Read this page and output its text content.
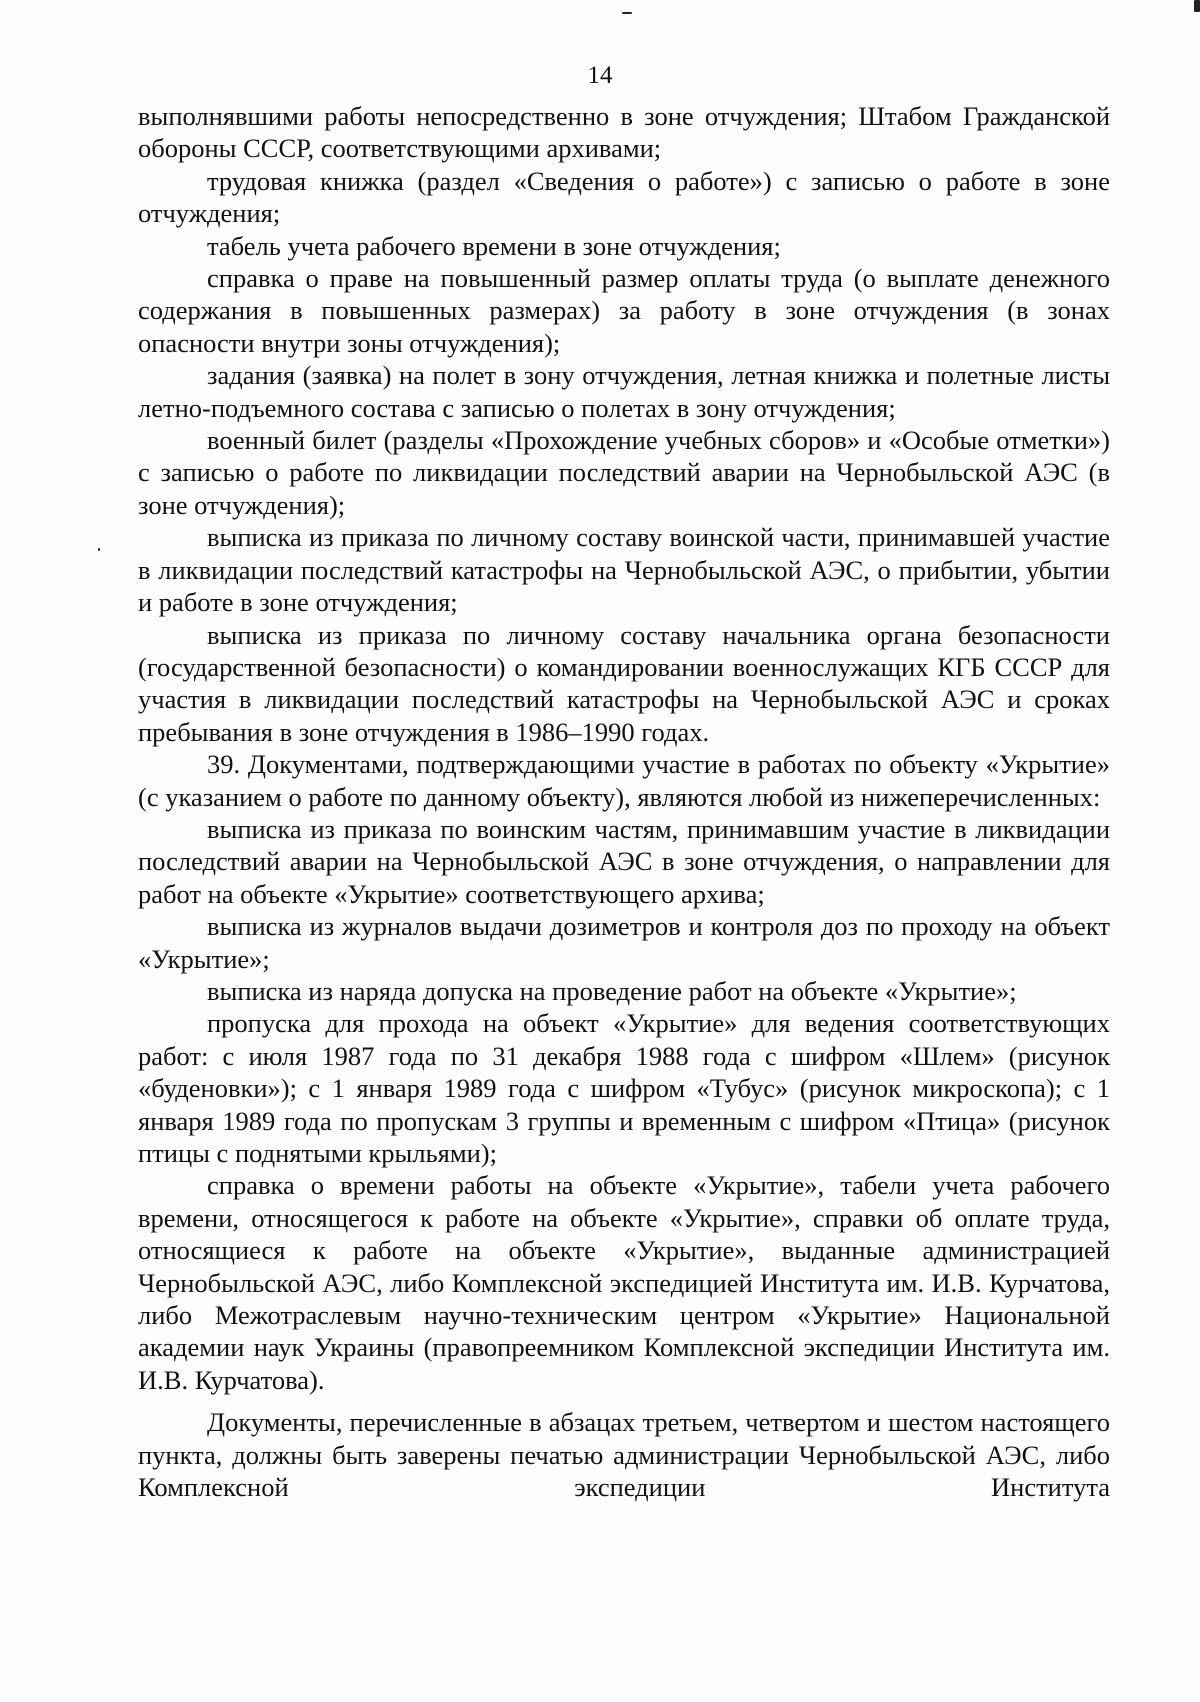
14

выполнявшими работы непосредственно в зоне отчуждения; Штабом Гражданской обороны СССР, соответствующими архивами;

трудовая книжка (раздел «Сведения о работе») с записью о работе в зоне отчуждения;

табель учета рабочего времени в зоне отчуждения;

справка о праве на повышенный размер оплаты труда (о выплате денежного содержания в повышенных размерах) за работу в зоне отчуждения (в зонах опасности внутри зоны отчуждения);

задания (заявка) на полет в зону отчуждения, летная книжка и полетные листы летно-подъемного состава с записью о полетах в зону отчуждения;

военный билет (разделы «Прохождение учебных сборов» и «Особые отметки») с записью о работе по ликвидации последствий аварии на Чернобыльской АЭС (в зоне отчуждения);

выписка из приказа по личному составу воинской части, принимавшей участие в ликвидации последствий катастрофы на Чернобыльской АЭС, о прибытии, убытии и работе в зоне отчуждения;

выписка из приказа по личному составу начальника органа безопасности (государственной безопасности) о командировании военнослужащих КГБ СССР для участия в ликвидации последствий катастрофы на Чернобыльской АЭС и сроках пребывания в зоне отчуждения в 1986–1990 годах.

39. Документами, подтверждающими участие в работах по объекту «Укрытие» (с указанием о работе по данному объекту), являются любой из нижеперечисленных:

выписка из приказа по воинским частям, принимавшим участие в ликвидации последствий аварии на Чернобыльской АЭС в зоне отчуждения, о направлении для работ на объекте «Укрытие» соответствующего архива;

выписка из журналов выдачи дозиметров и контроля доз по проходу на объект «Укрытие»;

выписка из наряда допуска на проведение работ на объекте «Укрытие»;

пропуска для прохода на объект «Укрытие» для ведения соответствующих работ: с июля 1987 года по 31 декабря 1988 года с шифром «Шлем» (рисунок «буденовки»); с 1 января 1989 года с шифром «Тубус» (рисунок микроскопа); с 1 января 1989 года по пропускам 3 группы и временным с шифром «Птица» (рисунок птицы с поднятыми крыльями);

справка о времени работы на объекте «Укрытие», табели учета рабочего времени, относящегося к работе на объекте «Укрытие», справки об оплате труда, относящиеся к работе на объекте «Укрытие», выданные администрацией Чернобыльской АЭС, либо Комплексной экспедицией Института им. И.В. Курчатова, либо Межотраслевым научно-техническим центром «Укрытие» Национальной академии наук Украины (правопреемником Комплексной экспедиции Института им. И.В. Курчатова).

Документы, перечисленные в абзацах третьем, четвертом и шестом настоящего пункта, должны быть заверены печатью администрации Чернобыльской АЭС, либо Комплексной экспедиции Института
